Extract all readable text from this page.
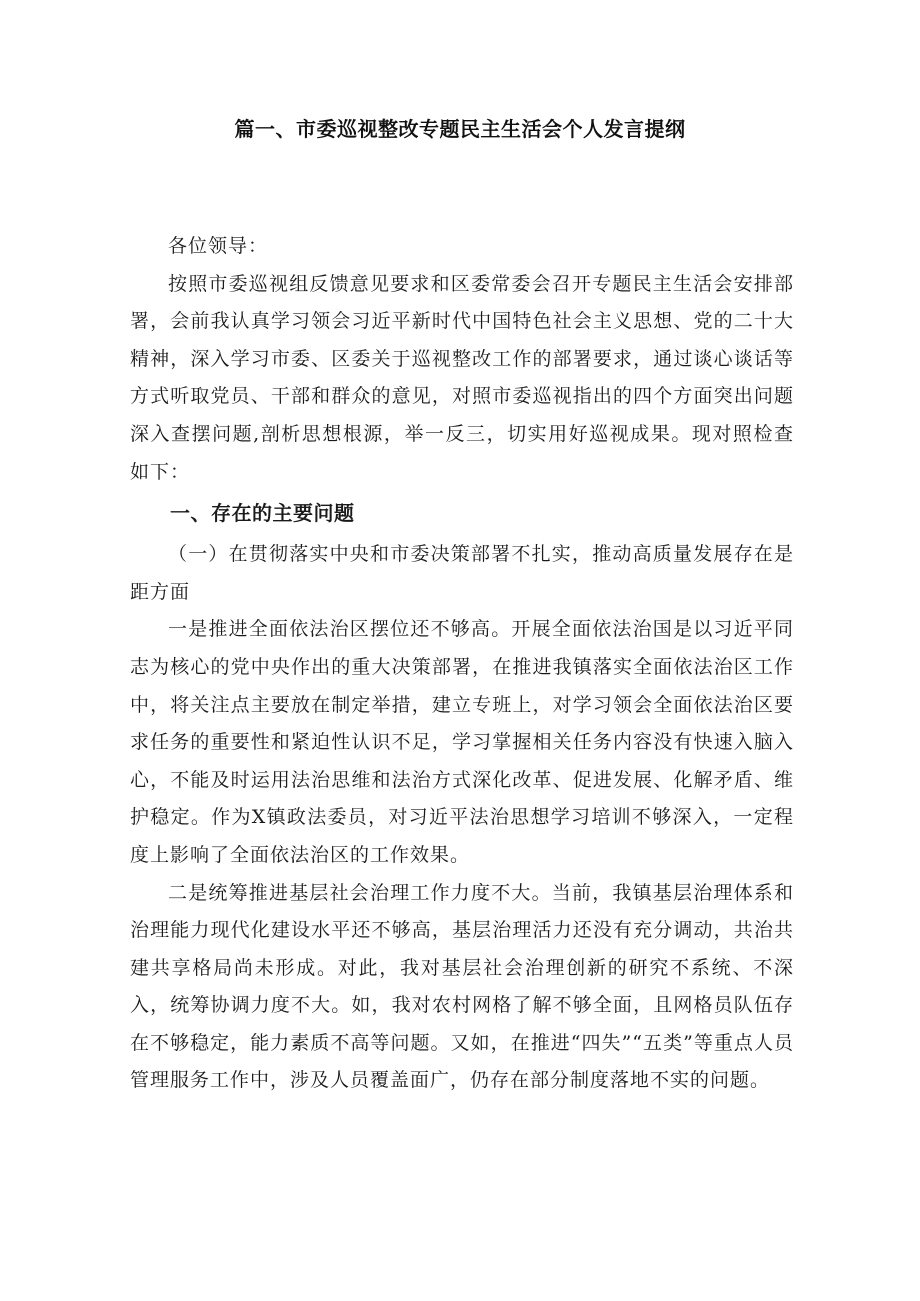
篇一、市委巡视整改专题民主生活会个人发言提纲

各位领导：

按照市委巡视组反馈意见要求和区委常委会召开专题民主生活会安排部署，会前我认真学习领会习近平新时代中国特色社会主义思想、党的二十大精神，深入学习市委、区委关于巡视整改工作的部署要求，通过谈心谈话等方式听取党员、干部和群众的意见，对照市委巡视指出的四个方面突出问题深入查摆问题,剖析思想根源，举一反三，切实用好巡视成果。现对照检查如下：

一、存在的主要问题

（一）在贯彻落实中央和市委决策部署不扎实，推动高质量发展存在是距方面

一是推进全面依法治区摆位还不够高。开展全面依法治国是以习近平同志为核心的党中央作出的重大决策部署，在推进我镇落实全面依法治区工作中，将关注点主要放在制定举措，建立专班上，对学习领会全面依法治区要求任务的重要性和紧迫性认识不足，学习掌握相关任务内容没有快速入脑入心，不能及时运用法治思维和法治方式深化改革、促进发展、化解矛盾、维护稳定。作为X镇政法委员，对习近平法治思想学习培训不够深入，一定程度上影响了全面依法治区的工作效果。

二是统筹推进基层社会治理工作力度不大。当前，我镇基层治理体系和治理能力现代化建设水平还不够高，基层治理活力还没有充分调动，共治共建共享格局尚未形成。对此，我对基层社会治理创新的研究不系统、不深入，统筹协调力度不大。如，我对农村网格了解不够全面，且网格员队伍存在不够稳定，能力素质不高等问题。又如，在推进“四失”“五类”等重点人员管理服务工作中，涉及人员覆盖面广，仍存在部分制度落地不实的问题。
